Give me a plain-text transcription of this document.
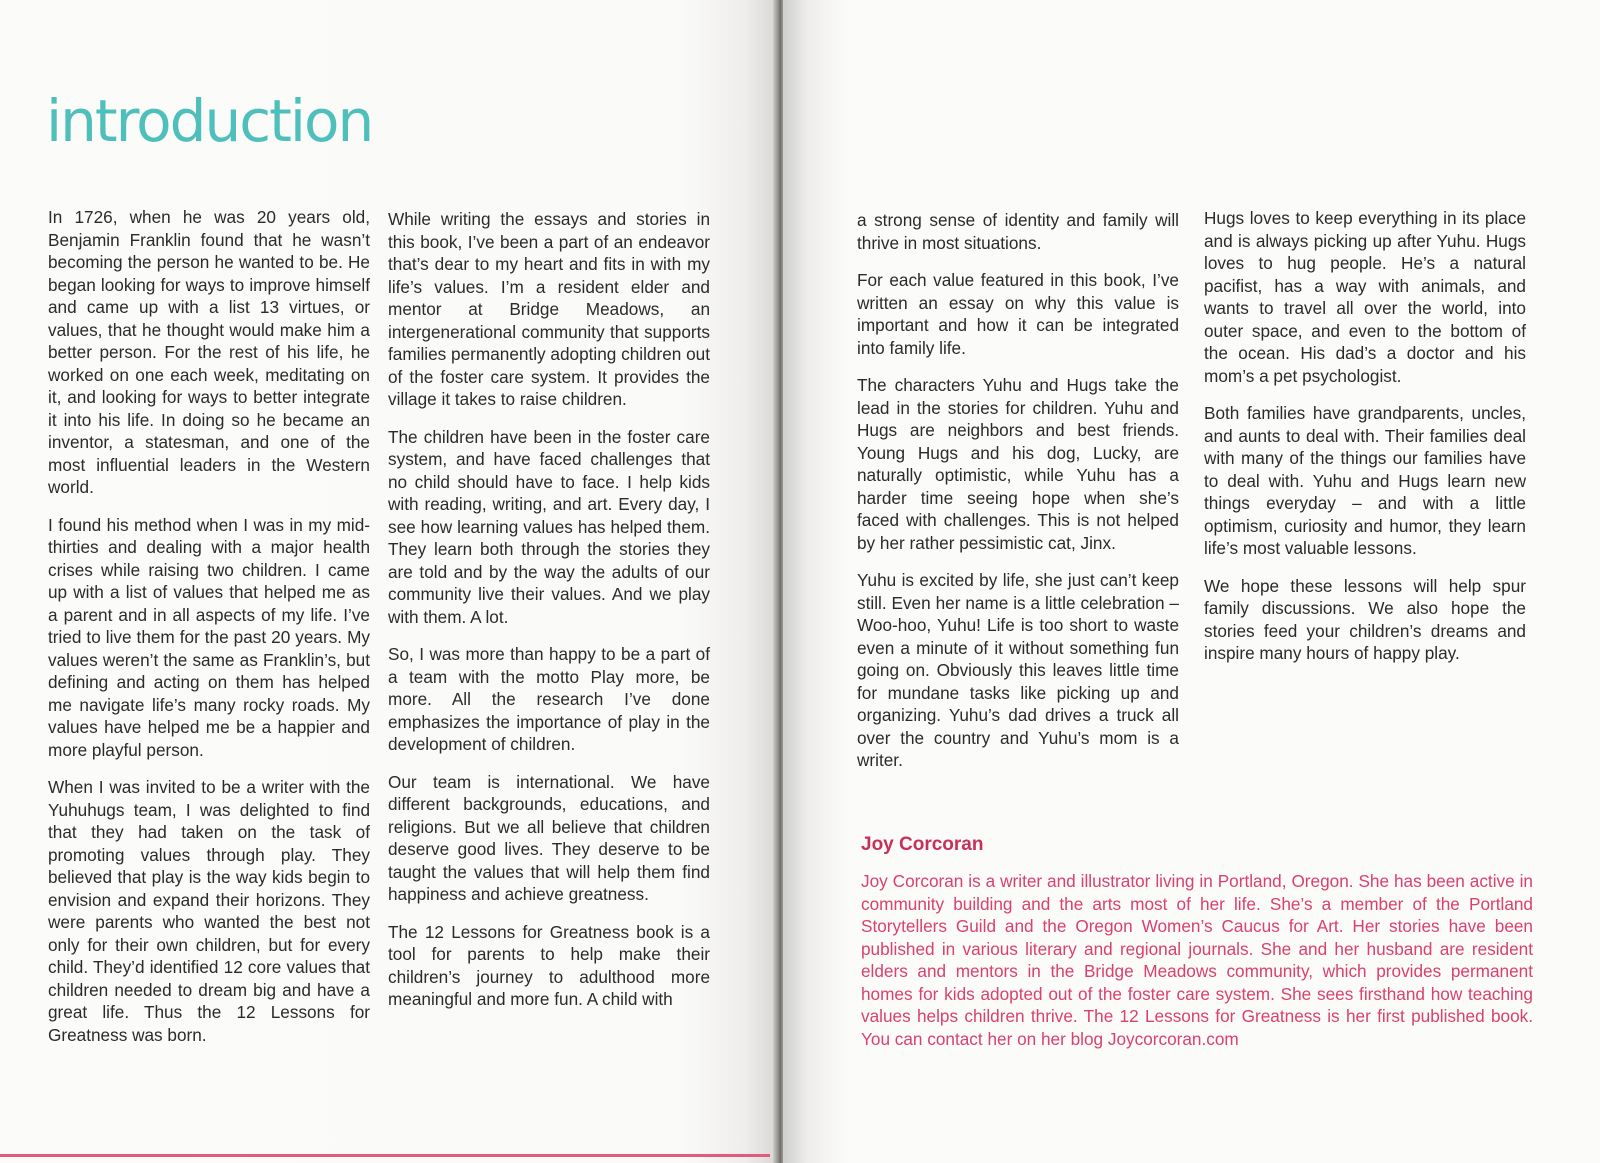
introduction

In 1726, when he was 20 years old, Benjamin Franklin found that he wasn’t becoming the person he wanted to be. He began looking for ways to improve himself and came up with a list 13 virtues, or values, that he thought would make him a better person. For the rest of his life, he worked on one each week, meditating on it, and looking for ways to better integrate it into his life. In doing so he became an inventor, a statesman, and one of the most influential leaders in the Western world.

I found his method when I was in my mid-thirties and dealing with a major health crises while raising two children. I came up with a list of values that helped me as a parent and in all aspects of my life. I’ve tried to live them for the past 20 years. My values weren’t the same as Franklin’s, but defining and acting on them has helped me navigate life’s many rocky roads. My values have helped me be a happier and more playful person.

When I was invited to be a writer with the Yuhuhugs team, I was delighted to find that they had taken on the task of promoting values through play. They believed that play is the way kids begin to envision and expand their horizons. They were parents who wanted the best not only for their own children, but for every child. They’d identified 12 core values that children needed to dream big and have a great life. Thus the 12 Lessons for Greatness was born.

While writing the essays and stories in this book, I’ve been a part of an endeavor that’s dear to my heart and fits in with my life’s values. I’m a resident elder and mentor at Bridge Meadows, an intergenerational community that supports families permanently adopting children out of the foster care system. It provides the village it takes to raise children.

The children have been in the foster care system, and have faced challenges that no child should have to face. I help kids with reading, writing, and art. Every day, I see how learning values has helped them. They learn both through the stories they are told and by the way the adults of our community live their values. And we play with them. A lot.

So, I was more than happy to be a part of a team with the motto Play more, be more. All the research I’ve done emphasizes the importance of play in the development of children.

Our team is international. We have different backgrounds, educations, and religions. But we all believe that children deserve good lives. They deserve to be taught the values that will help them find happiness and achieve greatness.

The 12 Lessons for Greatness book is a tool for parents to help make their children’s journey to adulthood more meaningful and more fun. A child with

a strong sense of identity and family will thrive in most situations.

For each value featured in this book, I’ve written an essay on why this value is important and how it can be integrated into family life.

The characters Yuhu and Hugs take the lead in the stories for children. Yuhu and Hugs are neighbors and best friends. Young Hugs and his dog, Lucky, are naturally optimistic, while Yuhu has a harder time seeing hope when she’s faced with challenges. This is not helped by her rather pessimistic cat, Jinx.

Yuhu is excited by life, she just can’t keep still. Even her name is a little celebration – Woo-hoo, Yuhu! Life is too short to waste even a minute of it without something fun going on. Obviously this leaves little time for mundane tasks like picking up and organizing. Yuhu’s dad drives a truck all over the country and Yuhu’s mom is a writer.

Hugs loves to keep everything in its place and is always picking up after Yuhu. Hugs loves to hug people. He’s a natural pacifist, has a way with animals, and wants to travel all over the world, into outer space, and even to the bottom of the ocean. His dad’s a doctor and his mom’s a pet psychologist.

Both families have grandparents, uncles, and aunts to deal with. Their families deal with many of the things our families have to deal with. Yuhu and Hugs learn new things everyday – and with a little optimism, curiosity and humor, they learn life’s most valuable lessons.

We hope these lessons will help spur family discussions. We also hope the stories feed your children’s dreams and inspire many hours of happy play.

Joy Corcoran

Joy Corcoran is a writer and illustrator living in Portland, Oregon. She has been active in community building and the arts most of her life. She’s a member of the Portland Storytellers Guild and the Oregon Women’s Caucus for Art. Her stories have been published in various literary and regional journals. She and her husband are resident elders and mentors in the Bridge Meadows community, which provides permanent homes for kids adopted out of the foster care system. She sees firsthand how teaching values helps children thrive. The 12 Lessons for Greatness is her first published book. You can contact her on her blog Joycorcoran.com
